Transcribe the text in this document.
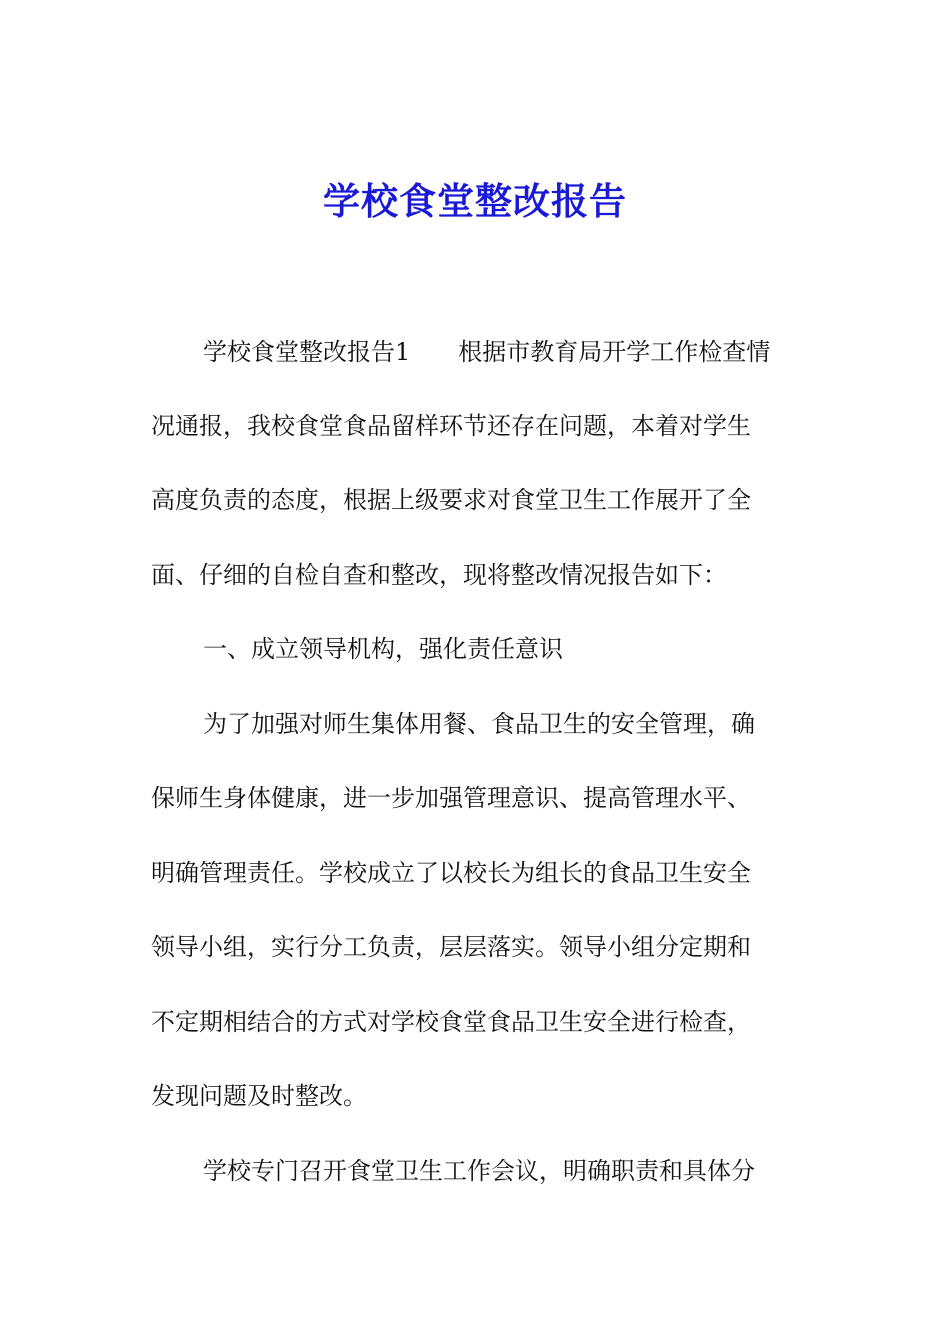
学校食堂整改报告
学校食堂整改报告1　　根据市教育局开学工作检查情
况通报，我校食堂食品留样环节还存在问题，本着对学生
高度负责的态度，根据上级要求对食堂卫生工作展开了全
面、仔细的自检自查和整改，现将整改情况报告如下：
一、成立领导机构，强化责任意识
为了加强对师生集体用餐、食品卫生的安全管理，确
保师生身体健康，进一步加强管理意识、提高管理水平、
明确管理责任。学校成立了以校长为组长的食品卫生安全
领导小组，实行分工负责，层层落实。领导小组分定期和
不定期相结合的方式对学校食堂食品卫生安全进行检查，
发现问题及时整改。
学校专门召开食堂卫生工作会议，明确职责和具体分
